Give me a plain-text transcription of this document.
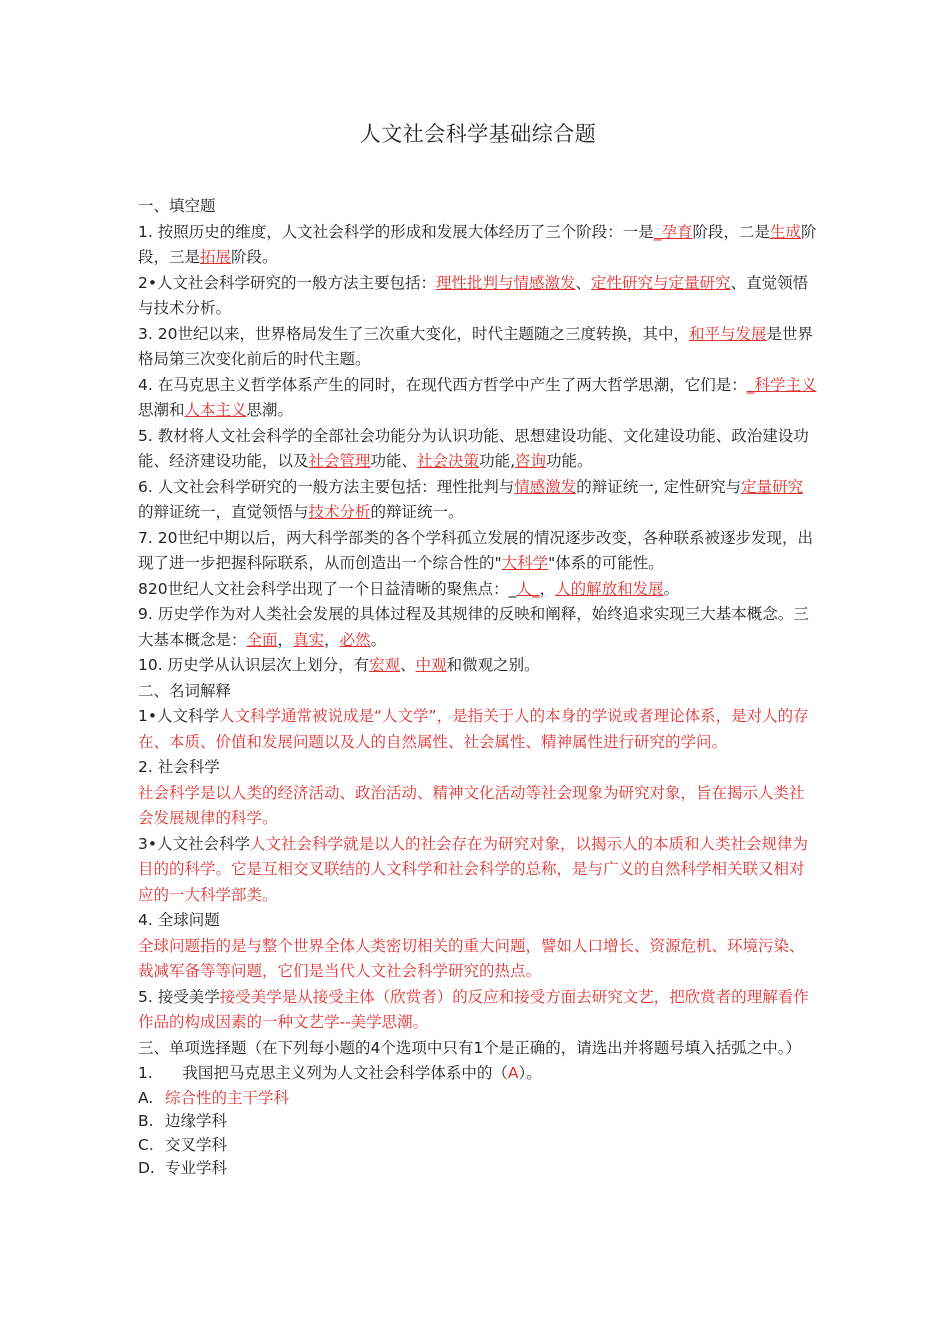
人文社会科学基础综合题

一、填空题

1. 按照历史的维度，人文社会科学的形成和发展大体经历了三个阶段：一是_孕育阶段，二是生成阶段，三是拓展阶段。

2•人文社会科学研究的一般方法主要包括：理性批判与情感激发、定性研究与定量研究、直觉领悟与技术分析。

3. 20世纪以来，世界格局发生了三次重大变化，时代主题随之三度转换，其中，和平与发展是世界格局第三次变化前后的时代主题。

4. 在马克思主义哲学体系产生的同时，在现代西方哲学中产生了两大哲学思潮，它们是：_科学主义思潮和人本主义思潮。

5. 教材将人文社会科学的全部社会功能分为认识功能、思想建设功能、文化建设功能、政治建设功能、经济建设功能，以及社会管理功能、社会决策功能,咨询功能。

6. 人文社会科学研究的一般方法主要包括：理性批判与情感激发的辩证统一, 定性研究与定量研究的辩证统一，直觉领悟与技术分析的辩证统一。

7. 20世纪中期以后，两大科学部类的各个学科孤立发展的情况逐步改变，各种联系被逐步发现，出现了进一步把握科际联系，从而创造出一个综合性的"大科学"体系的可能性。

820世纪人文社会科学出现了一个日益清晰的聚焦点：_人_，人的解放和发展。

9. 历史学作为对人类社会发展的具体过程及其规律的反映和阐释，始终追求实现三大基本概念。三大基本概念是：全面，真实，必然。

10. 历史学从认识层次上划分，有宏观、中观和微观之别。

二、名词解释

1•人文科学人文科学通常被说成是“人文学”，是指关于人的本身的学说或者理论体系，是对人的存在、本质、价值和发展问题以及人的自然属性、社会属性、精神属性进行研究的学问。

2. 社会科学

社会科学是以人类的经济活动、政治活动、精神文化活动等社会现象为研究对象，旨在揭示人类社会发展规律的科学。

3•人文社会科学人文社会科学就是以人的社会存在为研究对象，以揭示人的本质和人类社会规律为目的的科学。它是互相交叉联结的人文科学和社会科学的总称，是与广义的自然科学相关联又相对应的一大科学部类。

4. 全球问题

全球问题指的是与整个世界全体人类密切相关的重大问题，譬如人口增长、资源危机、环境污染、裁减军备等等问题，它们是当代人文社会科学研究的热点。

5. 接受美学接受美学是从接受主体（欣赏者）的反应和接受方面去研究文艺，把欣赏者的理解看作作品的构成因素的一种文艺学--美学思潮。

三、单项选择题（在下列每小题的4个选项中只有1个是正确的，请选出并将题号填入括弧之中。）

1.      我国把马克思主义列为人文社会科学体系中的（A）。

A. 综合性的主干学科
B. 边缘学科
C. 交叉学科
D. 专业学科
